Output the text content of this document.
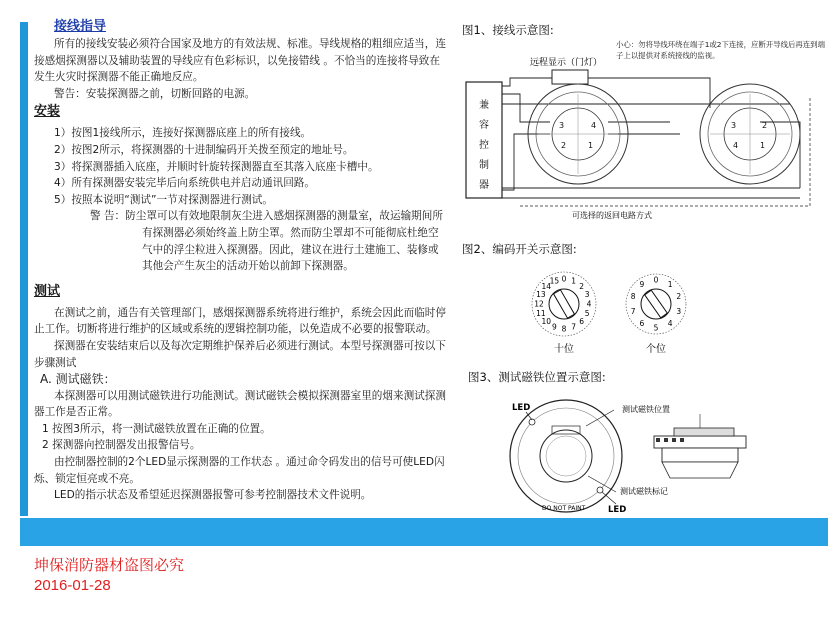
接线指导
所有的接线安装必须符合国家及地方的有效法规、标准。导线规格的粗细应适当，连接感烟探测器以及辅助装置的导线应有色彩标识，以免接错线 。不恰当的连接将导致在发生火灾时探测器不能正确地反应。
警告：安装探测器之前，切断回路的电源。
安装
1）按图1接线所示，连接好探测器底座上的所有接线。
2）按图2所示，将探测器的十进制编码开关拨至预定的地址号。
3）将探测器插入底座，并顺时针旋转探测器直至其落入底座卡槽中。
4）所有探测器安装完毕后向系统供电并启动通讯回路。
5）按照本说明“测试”一节对探测器进行测试。
警 告：防尘罩可以有效地限制灰尘进入感烟探测器的测量室，故运输期间所有探测器必须始终盖上防尘罩。然而防尘罩却不可能彻底杜绝空气中的浮尘粒进入探测器。因此，建议在进行土建施工、装修或其他会产生灰尘的活动开始以前卸下探测器。
测试
在测试之前，通告有关管理部门，感烟探测器系统将进行维护，系统会因此而临时停止工作。切断将进行维护的区域或系统的逻辑控制功能，以免造成不必要的报警联动。
探测器在安装结束后以及每次定期维护保养后必须进行测试。本型号探测器可按以下步骤测试
A. 测试磁铁：
本探测器可以用测试磁铁进行功能测试。测试磁铁会模拟探测器室里的烟来测试探测器工作是否正常。
1 按图3所示，将一测试磁铁放置在正确的位置。
2 探测器向控制器发出报警信号。
由控制器控制的2个LED显示探测器的工作状态 。通过命令码发出的信号可使LED闪烁、锁定恒亮或不亮。
LED的指示状态及希望延迟探测器报警可参考控制器技术文件说明。
图1、接线示意图:
小心：勿将导线环绕在端子1或2下连接，应断开导线后再连到端子上以提供对系统接线的监视。
远程显示（门灯）
兼
容
控
制
器
可选择的返回电路方式
3	4
2	1
3	2
4	1
图2、编码开关示意图:
0 1
2
3
4
5
6
7
8
9
10
11
12
13
14
15	0
1
2
3
4
5
6
7
8
9
十位	个位
图3、测试磁铁位置示意图:
DO NOT PAINT
LED
LED
测试磁铁位置
测试磁铁标记
坤保消防器材盗图必究
2016-01-28
